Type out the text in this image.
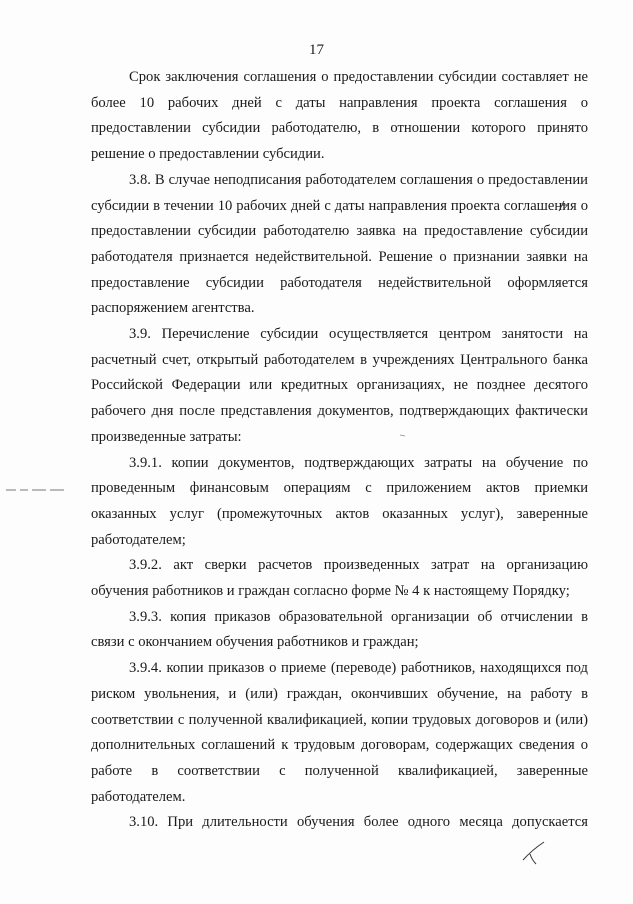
17

Срок заключения соглашения о предоставлении субсидии составляет не более 10 рабочих дней с даты направления проекта соглашения о предоставлении субсидии работодателю, в отношении которого принято решение о предоставлении субсидии.

3.8. В случае неподписания работодателем соглашения о предоставлении субсидии в течении 10 рабочих дней с даты направления проекта соглашения о предоставлении субсидии работодателю заявка на предоставление субсидии работодателя признается недействительной. Решение о признании заявки на предоставление субсидии работодателя недействительной оформляется распоряжением агентства.

3.9. Перечисление субсидии осуществляется центром занятости на расчетный счет, открытый работодателем в учреждениях Центрального банка Российской Федерации или кредитных организациях, не позднее десятого рабочего дня после представления документов, подтверждающих фактически произведенные затраты:

3.9.1. копии документов, подтверждающих затраты на обучение по проведенным финансовым операциям с приложением актов приемки оказанных услуг (промежуточных актов оказанных услуг), заверенные работодателем;

3.9.2. акт сверки расчетов произведенных затрат на организацию обучения работников и граждан согласно форме № 4 к настоящему Порядку;

3.9.3. копия приказов образовательной организации об отчислении в связи с окончанием обучения работников и граждан;

3.9.4. копии приказов о приеме (переводе) работников, находящихся под риском увольнения, и (или) граждан, окончивших обучение, на работу в соответствии с полученной квалификацией, копии трудовых договоров и (или) дополнительных соглашений к трудовым договорам, содержащих сведения о работе в соответствии с полученной квалификацией, заверенные работодателем.

3.10. При длительности обучения более одного месяца допускается
